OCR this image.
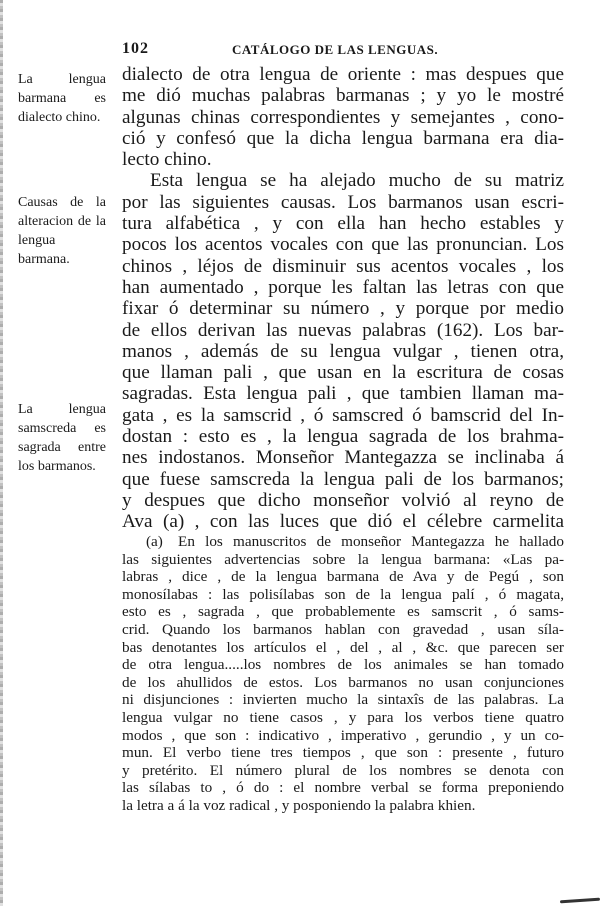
102	CATÁLOGO DE LAS LENGUAS.
La lengua barmana es dialecto chino.
Causas de la alteracion de la lengua barmana.
La lengua samscreda es sagrada entre los barmanos.
dialecto de otra lengua de oriente : mas despues que
me dió muchas palabras barmanas ; y yo le mostré
algunas chinas correspondientes y semejantes , cono-
ció y confesó que la dicha lengua barmana era dia-
lecto chino.
Esta lengua se ha alejado mucho de su matriz
por las siguientes causas. Los barmanos usan escri-
tura alfabética , y con ella han hecho estables y
pocos los acentos vocales con que las pronuncian. Los
chinos , léjos de disminuir sus acentos vocales , los
han aumentado , porque les faltan las letras con que
fixar ó determinar su número , y porque por medio
de ellos derivan las nuevas palabras (162). Los bar-
manos , además de su lengua vulgar , tienen otra,
que llaman pali , que usan en la escritura de cosas
sagradas. Esta lengua pali , que tambien llaman ma-
gata , es la samscrid , ó samscred ó bamscrid del In-
dostan : esto es , la lengua sagrada de los brahma-
nes indostanos. Monseñor Mantegazza se inclinaba á
que fuese samscreda la lengua pali de los barmanos;
y despues que dicho monseñor volvió al reyno de
Ava (a) , con las luces que dió el célebre carmelita
(a) En los manuscritos de monseñor Mantegazza he hallado
las siguientes advertencias sobre la lengua barmana: «Las pa-
labras , dice , de la lengua barmana de Ava y de Pegú , son
monosílabas : las polisílabas son de la lengua palí , ó magata,
esto es , sagrada , que probablemente es samscrit , ó sams-
crid. Quando los barmanos hablan con gravedad , usan síla-
bas denotantes los artículos el , del , al , &c. que parecen ser
de otra lengua.....los nombres de los animales se han tomado
de los ahullidos de estos. Los barmanos no usan conjunciones
ni disjunciones : invierten mucho la sintaxîs de las palabras. La
lengua vulgar no tiene casos , y para los verbos tiene quatro
modos , que son : indicativo , imperativo , gerundio , y un co-
mun. El verbo tiene tres tiempos , que son : presente , futuro
y pretérito. El número plural de los nombres se denota con
las sílabas to , ó do : el nombre verbal se forma preponiendo
la letra a á la voz radical , y posponiendo la palabra khien.
